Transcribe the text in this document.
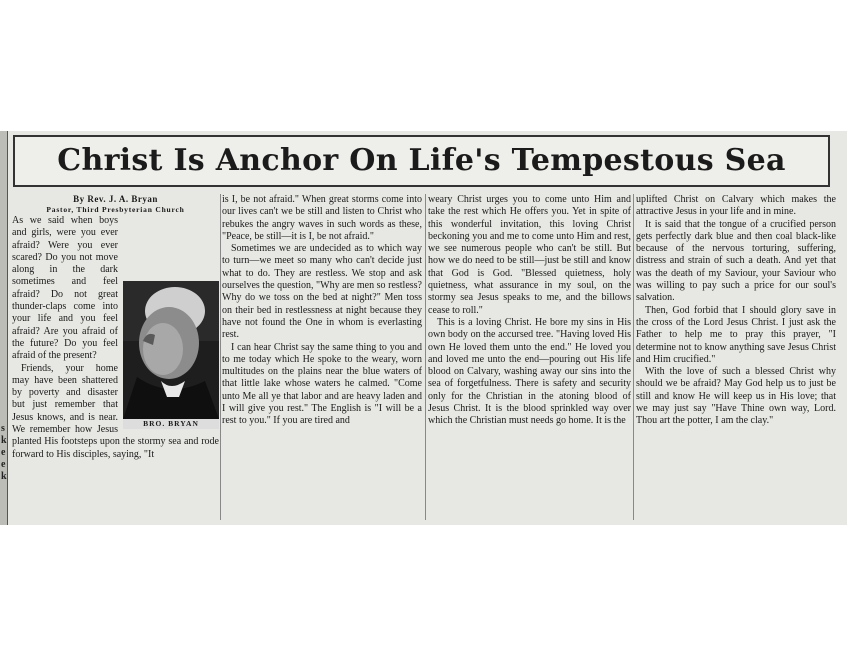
s
k
e
e
k
Christ Is Anchor On Life's Tempestous Sea
By Rev. J. A. Bryan
Pastor, Third Presbyterian Church
BRO. BRYAN

As we said when boys and girls, were you ever afraid? Were you ever scared? Do you not move along in the dark sometimes and feel afraid? Do not great thunder-claps come into your life and you feel afraid? Are you afraid of the future? Do you feel afraid of the present?

Friends, your home may have been shattered by poverty and disaster but just remember that Jesus knows, and is near. We remember how Jesus planted His footsteps upon the stormy sea and rode forward to His disciples, saying, "It

is I, be not afraid." When great storms come into our lives can't we be still and listen to Christ who rebukes the angry waves in such words as these, "Peace, be still—it is I, be not afraid."

Sometimes we are undecided as to which way to turn—we meet so many who can't decide just what to do. They are restless. We stop and ask ourselves the question, "Why are men so restless? Why do we toss on the bed at night?" Men toss on their bed in restlessness at night because they have not found the One in whom is everlasting rest.

I can hear Christ say the same thing to you and to me today which He spoke to the weary, worn multitudes on the plains near the blue waters of that little lake whose waters he calmed. "Come unto Me all ye that labor and are heavy laden and I will give you rest." The English is "I will be a rest to you." If you are tired and

weary Christ urges you to come unto Him and take the rest which He offers you. Yet in spite of this wonderful invitation, this loving Christ beckoning you and me to come unto Him and rest, we see numerous people who can't be still. But how we do need to be still—just be still and know that God is God. "Blessed quietness, holy quietness, what assurance in my soul, on the stormy sea Jesus speaks to me, and the billows cease to roll."

This is a loving Christ. He bore my sins in His own body on the accursed tree. "Having loved His own He loved them unto the end." He loved you and loved me unto the end—pouring out His life blood on Calvary, washing away our sins into the sea of forgetfulness. There is safety and security only for the Christian in the atoning blood of Jesus Christ. It is the blood sprinkled way over which the Christian must needs go home. It is the

uplifted Christ on Calvary which makes the attractive Jesus in your life and in mine.

It is said that the tongue of a crucified person gets perfectly dark blue and then coal black-like because of the nervous torturing, suffering, distress and strain of such a death. And yet that was the death of my Saviour, your Saviour who was willing to pay such a price for our soul's salvation.

Then, God forbid that I should glory save in the cross of the Lord Jesus Christ. I just ask the Father to help me to pray this prayer, "I determine not to know anything save Jesus Christ and Him crucified."

With the love of such a blessed Christ why should we be afraid? May God help us to just be still and know He will keep us in His love; that we may just say "Have Thine own way, Lord. Thou art the potter, I am the clay."
